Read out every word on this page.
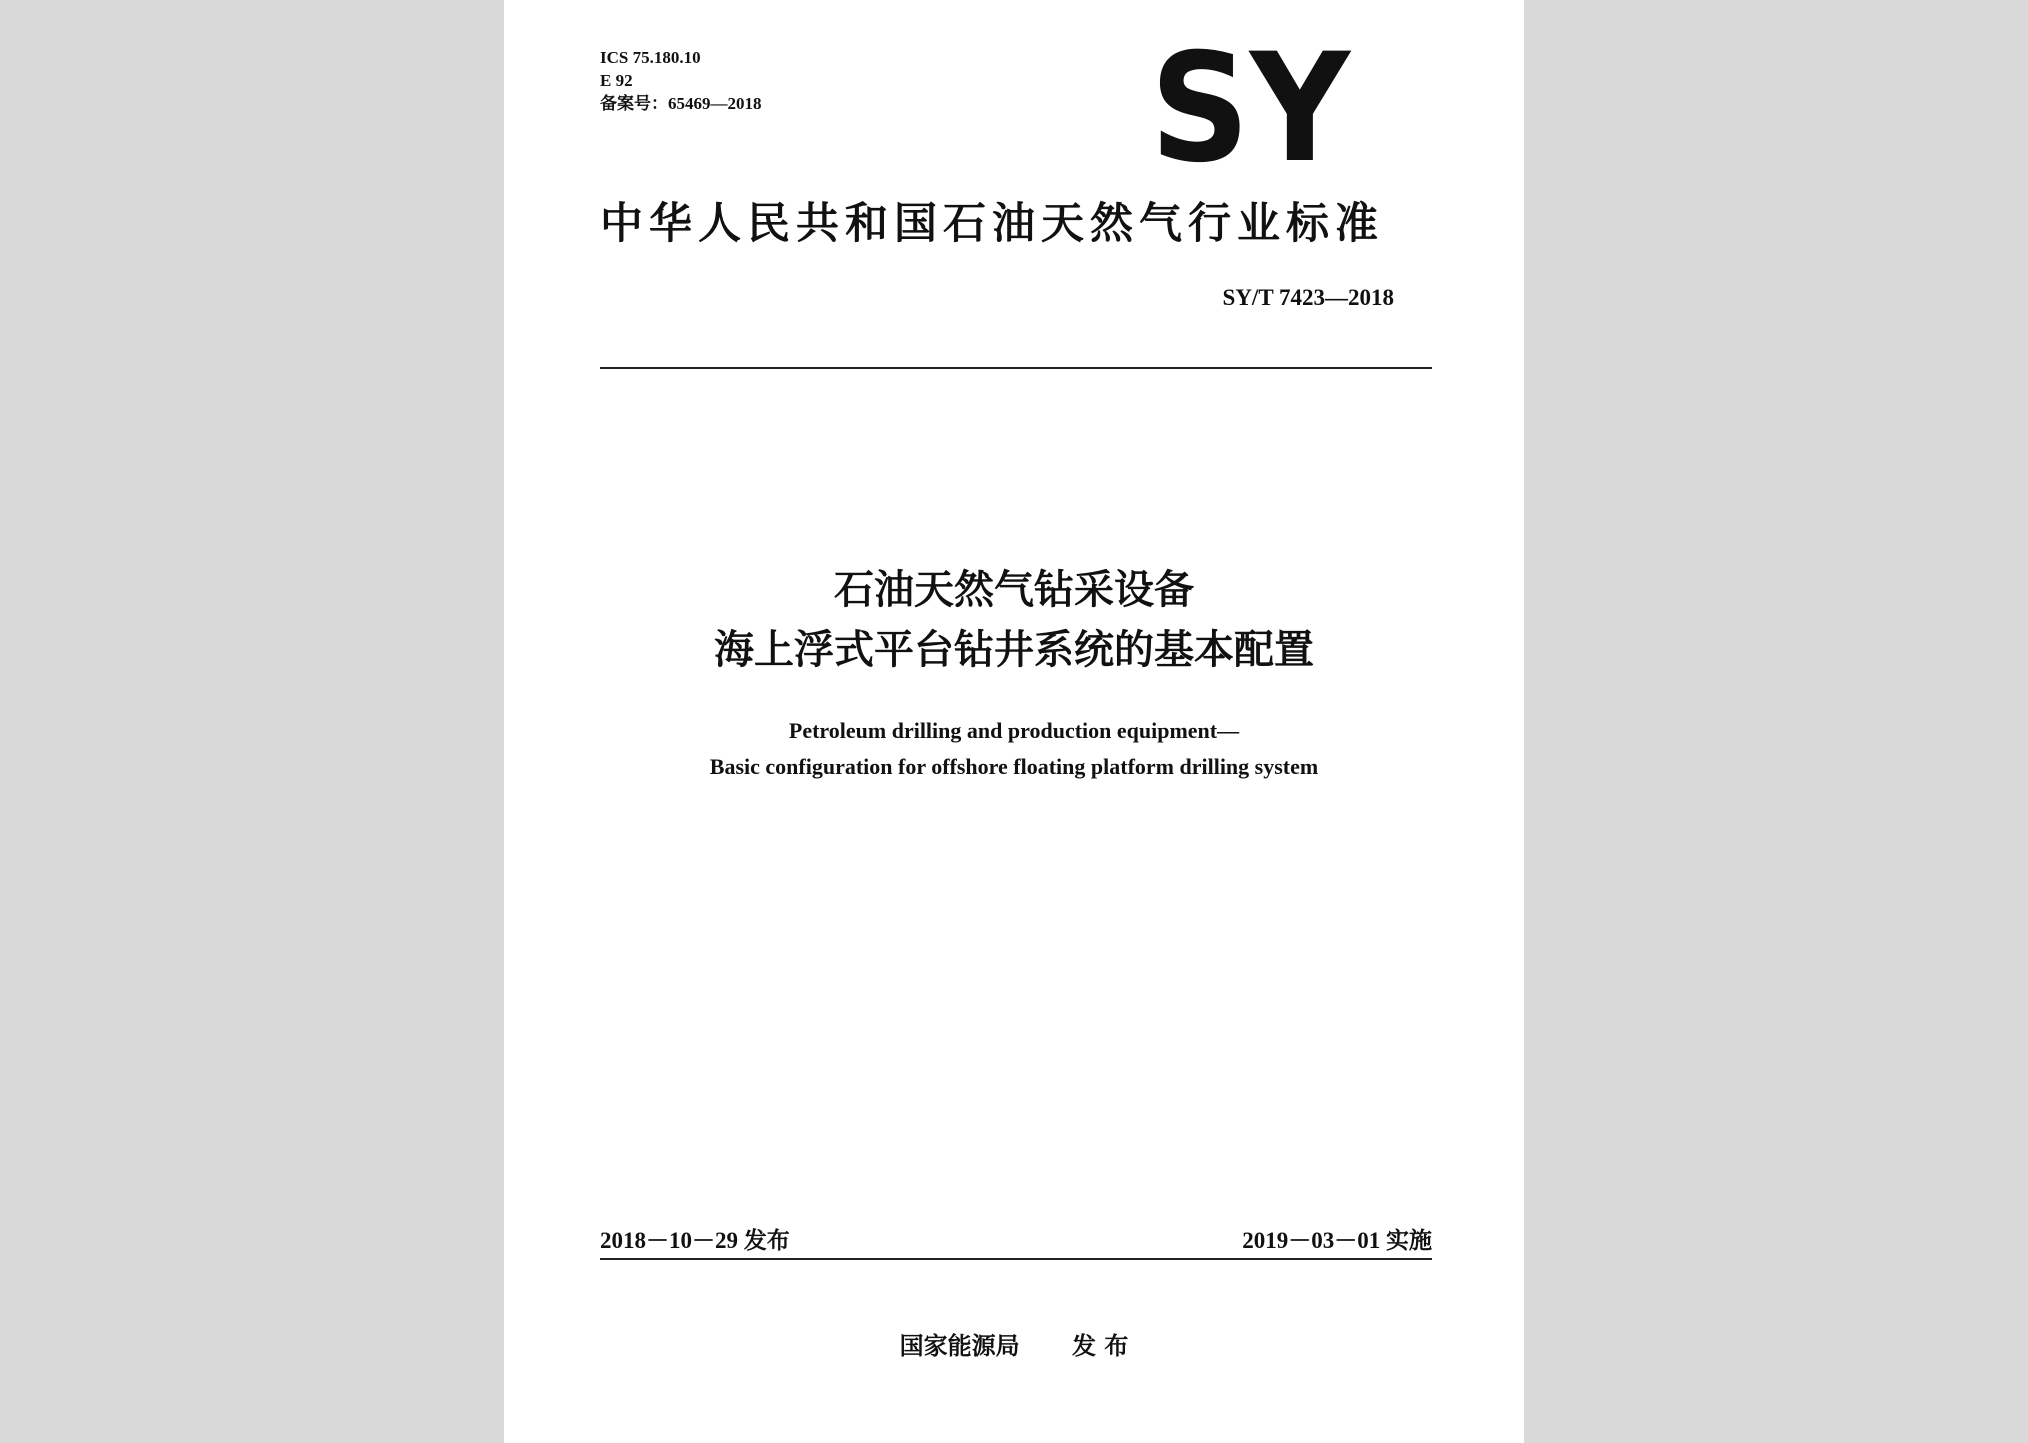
ICS 75.180.10
E 92
备案号：65469—2018	SY
中华人民共和国石油天然气行业标准
SY/T 7423—2018
石油天然气钻采设备
海上浮式平台钻井系统的基本配置
Petroleum drilling and production equipment—
Basic configuration for offshore floating platform drilling system
2018－10－29 发布	2019－03－01 实施
国家能源局 发 布
